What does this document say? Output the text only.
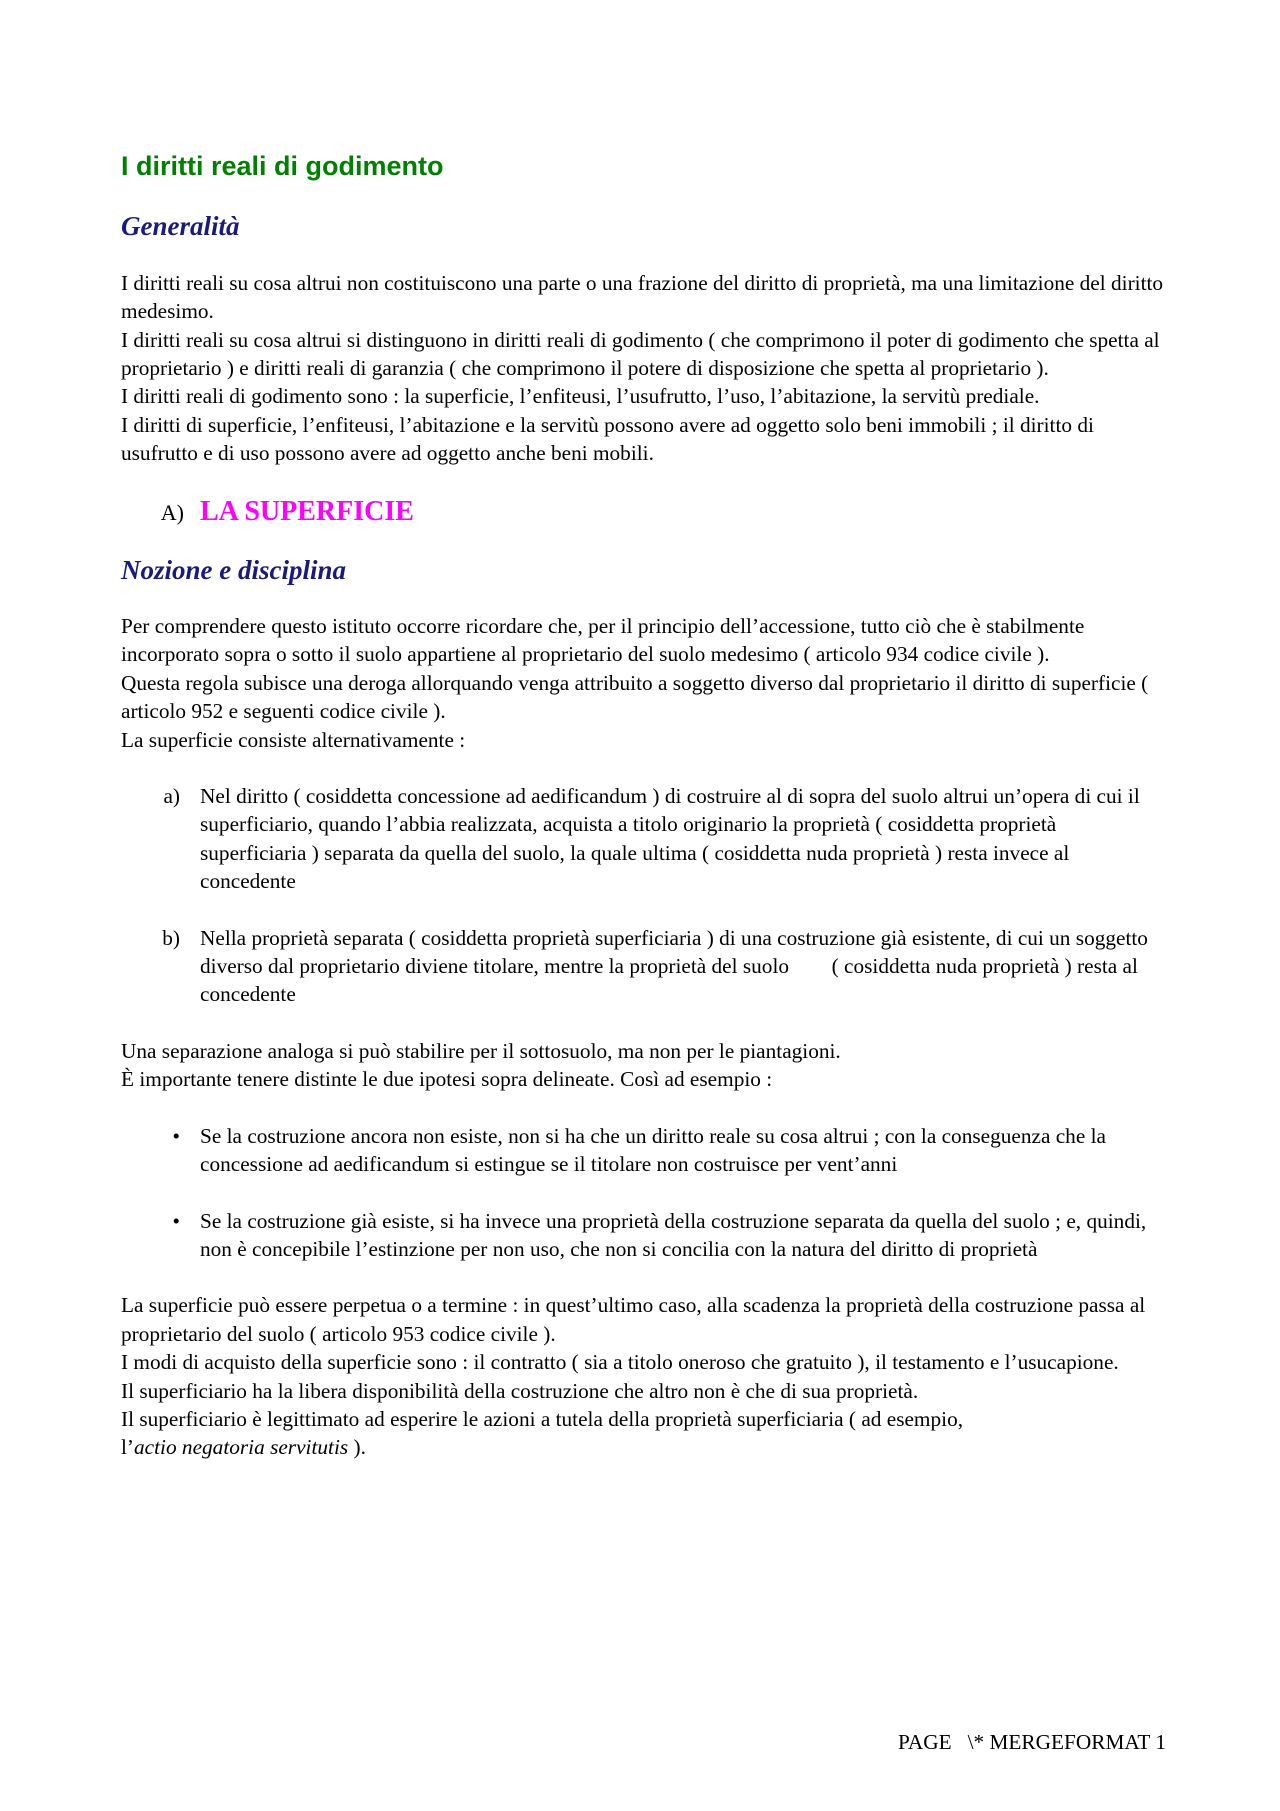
I diritti reali di godimento
Generalità

I diritti reali su cosa altrui non costituiscono una parte o una frazione del diritto di proprietà, ma una limitazione del diritto medesimo.

I diritti reali su cosa altrui si distinguono in diritti reali di godimento ( che comprimono il poter di godimento che spetta al proprietario ) e diritti reali di garanzia ( che comprimono il potere di disposizione che spetta al proprietario ).

I diritti reali di godimento sono : la superficie, l’enfiteusi, l’usufrutto, l’uso, l’abitazione, la servitù prediale.

I diritti di superficie, l’enfiteusi, l’abitazione e la servitù possono avere ad oggetto solo beni immobili ; il diritto di usufrutto e di uso possono avere ad oggetto anche beni mobili.

A) LA SUPERFICIE
Nozione e disciplina

Per comprendere questo istituto occorre ricordare che, per il principio dell’accessione, tutto ciò che è stabilmente incorporato sopra o sotto il suolo appartiene al proprietario del suolo medesimo ( articolo 934 codice civile ).

Questa regola subisce una deroga allorquando venga attribuito a soggetto diverso dal proprietario il diritto di superficie ( articolo 952 e seguenti codice civile ).

La superficie consiste alternativamente :

a) Nel diritto ( cosiddetta concessione ad aedificandum ) di costruire al di sopra del suolo altrui un’opera di cui il superficiario, quando l’abbia realizzata, acquista a titolo originario la proprietà ( cosiddetta proprietà superficiaria ) separata da quella del suolo, la quale ultima ( cosiddetta nuda proprietà ) resta invece al concedente
b) Nella proprietà separata ( cosiddetta proprietà superficiaria ) di una costruzione già esistente, di cui un soggetto diverso dal proprietario diviene titolare, mentre la proprietà del suolo        ( cosiddetta nuda proprietà ) resta al concedente

Una separazione analoga si può stabilire per il sottosuolo, ma non per le piantagioni.

È importante tenere distinte le due ipotesi sopra delineate. Così ad esempio :

• Se la costruzione ancora non esiste, non si ha che un diritto reale su cosa altrui ; con la conseguenza che la concessione ad aedificandum si estingue se il titolare non costruisce per vent’anni
• Se la costruzione già esiste, si ha invece una proprietà della costruzione separata da quella del suolo ; e, quindi, non è concepibile l’estinzione per non uso, che non si concilia con la natura del diritto di proprietà

La superficie può essere perpetua o a termine : in quest’ultimo caso, alla scadenza la proprietà della costruzione passa al proprietario del suolo ( articolo 953 codice civile ).

I modi di acquisto della superficie sono : il contratto ( sia a titolo oneroso che gratuito ), il testamento e l’usucapione.

Il superficiario ha la libera disponibilità della costruzione che altro non è che di sua proprietà.

Il superficiario è legittimato ad esperire le azioni a tutela della proprietà superficiaria ( ad esempio,

l’actio negatoria servitutis ).

PAGE   \* MERGEFORMAT 1
